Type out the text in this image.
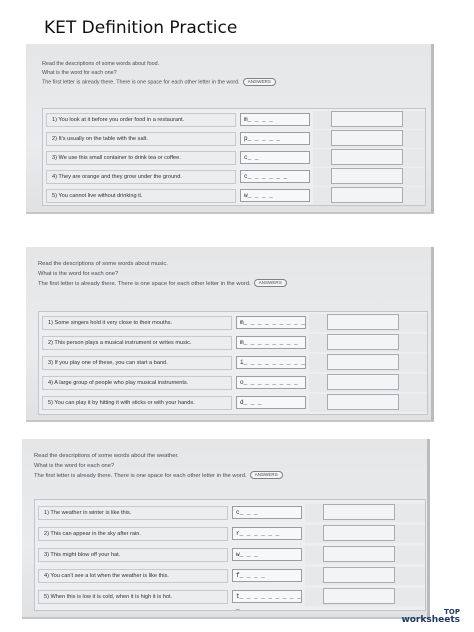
KET Definition Practice
Read the descriptions of some words about food.
What is the word for each one?
The first letter is already there. There is one space for each other letter in the word. ANSWERS
1) You look at it before you order food in a restaurant.	m_ _ _ _
2) It's usually on the table with the salt.	p_ _ _ _ _
3) We use this small container to drink tea or coffee.	c_ _
4) They are orange and they grow under the ground.	c_ _ _ _ _ _
5) You cannot live without drinking it.	w_ _ _ _
Read the descriptions of some words about music.
What is the word for each one?
The first letter is already there. There is one space for each other letter in the word. ANSWERS
1) Some singers hold it very close to their mouths.	m_ _ _ _ _ _ _ _ _
2) This person plays a musical instrument or writes music.	m_ _ _ _ _ _ _ _
3) If you play one of these, you can start a band.	i_ _ _ _ _ _ _ _ _
4) A large group of people who play musical instruments.	o_ _ _ _ _ _ _ _
5) You can play it by hitting it with sticks or with your hands.	d_ _ _
Read the descriptions of some words about the weather.
What is the word for each one?
The first letter is already there. There is one space for each other letter in the word. ANSWERS
1) The weather in winter is like this.	c_ _ _
2) This can appear in the sky after rain.	r_ _ _ _ _ _
3) This might blow off your hat.	w_ _ _
4) You can't see a lot when the weather is like this.	f_ _ _ _
5) When this is low it is cold, when it is high it is hot.	t_ _ _ _ _ _ _ _ _ _
TOP
worksheets
